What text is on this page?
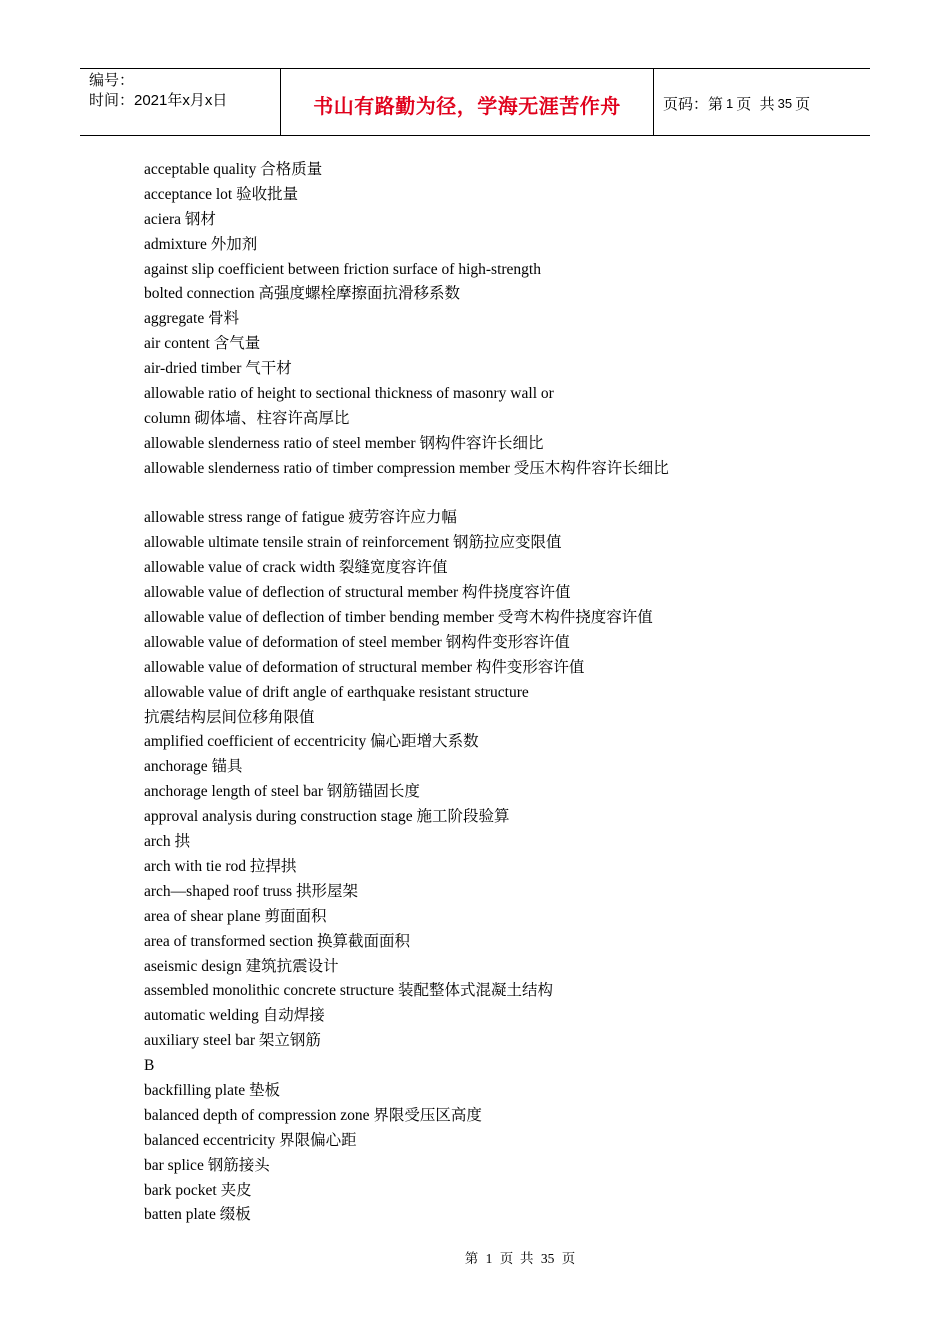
编号：
时间：2021年x月x日	书山有路勤为径，学海无涯苦作舟	页码：第 1 页  共 35 页
acceptable quality 合格质量
acceptance lot 验收批量
aciera 钢材
admixture 外加剂
against slip coefficient between friction surface of high-strength
bolted connection 高强度螺栓摩擦面抗滑移系数
aggregate 骨料
air content 含气量
air-dried timber 气干材
allowable ratio of height to sectional thickness of masonry wall or
column 砌体墙、柱容许高厚比
allowable slenderness ratio of steel member 钢构件容许长细比
allowable slenderness ratio of timber compression member 受压木构件容许长细比
allowable stress range of fatigue 疲劳容许应力幅
allowable ultimate tensile strain of reinforcement 钢筋拉应变限值
allowable value of crack width 裂缝宽度容许值
allowable value of deflection of structural member 构件挠度容许值
allowable value of deflection of timber bending member 受弯木构件挠度容许值
allowable value of deformation of steel member 钢构件变形容许值
allowable value of deformation of structural member 构件变形容许值
allowable value of drift angle of earthquake resistant structure
抗震结构层间位移角限值
amplified coefficient of eccentricity 偏心距增大系数
anchorage 锚具
anchorage length of steel bar 钢筋锚固长度
approval analysis during construction stage 施工阶段验算
arch 拱
arch with tie rod 拉捍拱
arch—shaped roof truss 拱形屋架
area of shear plane 剪面面积
area of transformed section 换算截面面积
aseismic design 建筑抗震设计
assembled monolithic concrete structure 装配整体式混凝土结构
automatic welding 自动焊接
auxiliary steel bar 架立钢筋
B
backfilling plate 垫板
balanced depth of compression zone 界限受压区高度
balanced eccentricity 界限偏心距
bar splice 钢筋接头
bark pocket 夹皮
batten plate 缀板
第 1 页  共 35 页
